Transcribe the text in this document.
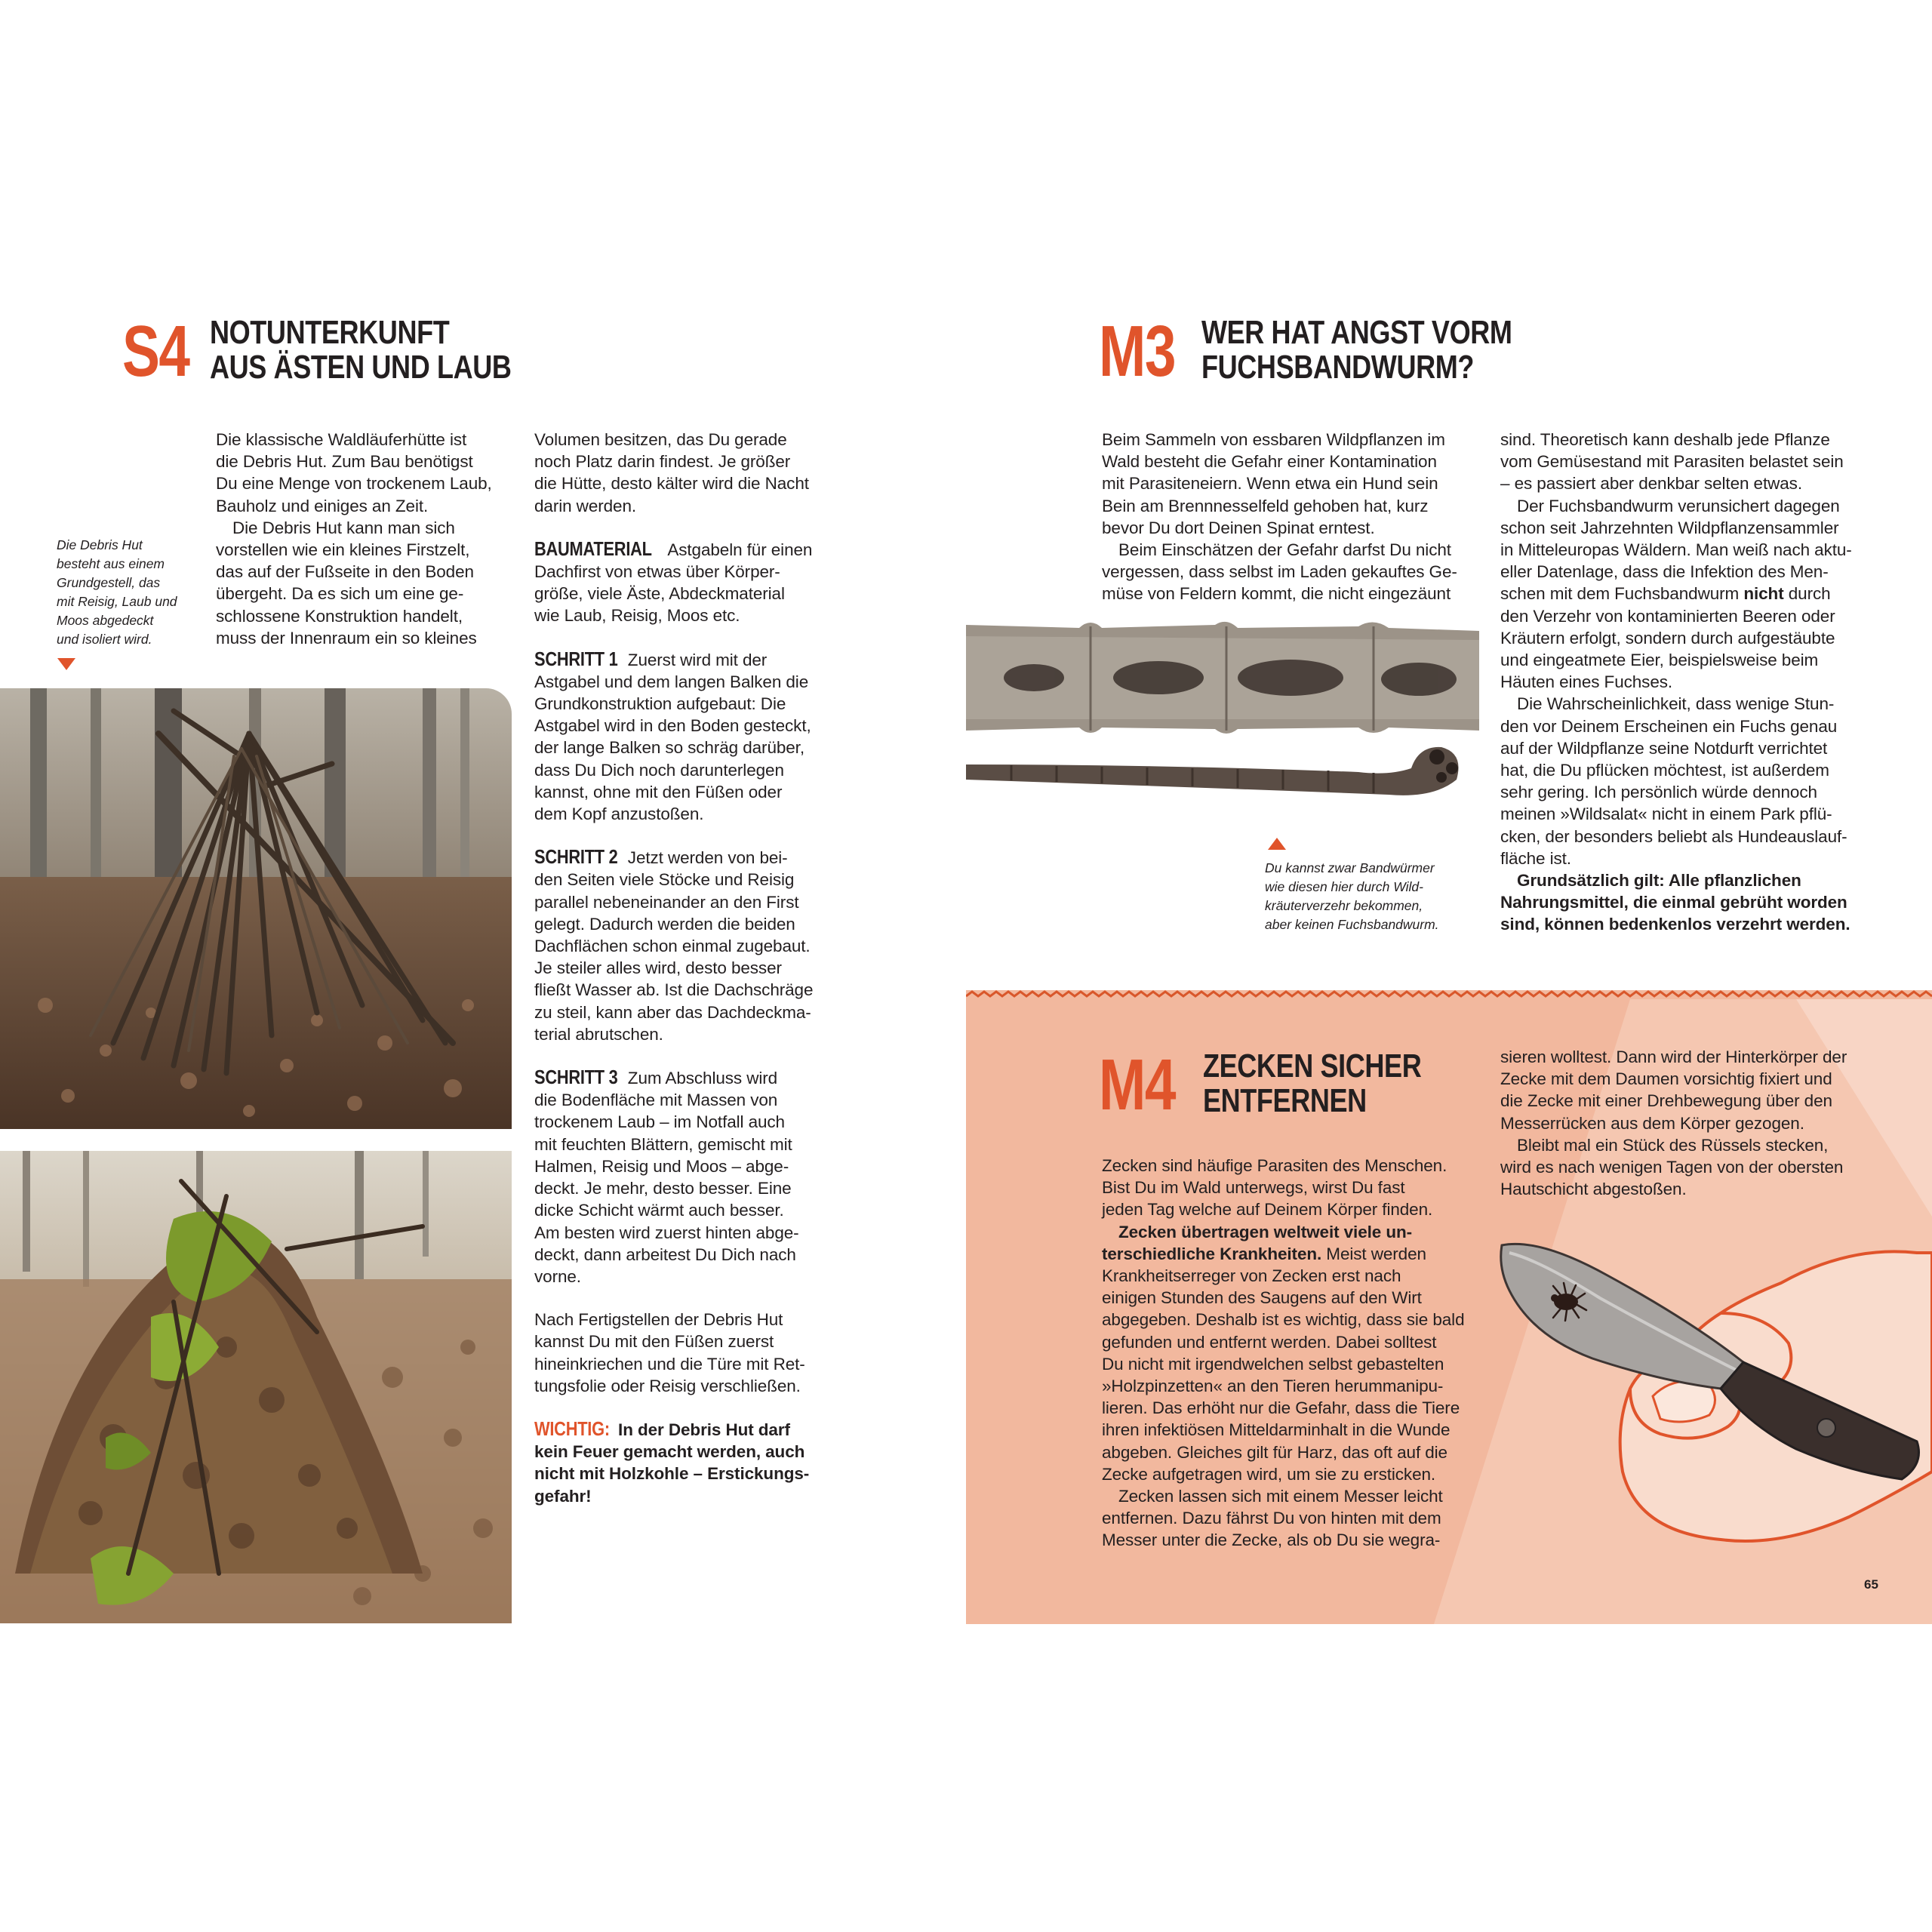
S4 NOTUNTERKUNFT
AUS ÄSTEN UND LAUB
Die Debris Hut
besteht aus einem
Grundgestell, das
mit Reisig, Laub und
Moos abgedeckt
und isoliert wird.

Die klassische Waldläuferhütte ist

die Debris Hut. Zum Bau benötigst

Du eine Menge von trockenem Laub,

Bauholz und einiges an Zeit.

Die Debris Hut kann man sich

vorstellen wie ein kleines Firstzelt,

das auf der Fußseite in den Boden

übergeht. Da es sich um eine ge-

schlossene Konstruktion handelt,

muss der Innenraum ein so kleines

Volumen besitzen, das Du gerade

noch Platz darin findest. Je größer

die Hütte, desto kälter wird die Nacht

darin werden.

BAUMATERIAL Astgabeln für einen

Dachfirst von etwas über Körper-

größe, viele Äste, Abdeckmaterial

wie Laub, Reisig, Moos etc.

SCHRITT 1 Zuerst wird mit der

Astgabel und dem langen Balken die

Grundkonstruktion aufgebaut: Die

Astgabel wird in den Boden gesteckt,

der lange Balken so schräg darüber,

dass Du Dich noch darunterlegen

kannst, ohne mit den Füßen oder

dem Kopf anzustoßen.

SCHRITT 2 Jetzt werden von bei-

den Seiten viele Stöcke und Reisig

parallel nebeneinander an den First

gelegt. Dadurch werden die beiden

Dachflächen schon einmal zugebaut.

Je steiler alles wird, desto besser

fließt Wasser ab. Ist die Dachschräge

zu steil, kann aber das Dachdeckma-

terial abrutschen.

SCHRITT 3 Zum Abschluss wird

die Bodenfläche mit Massen von

trockenem Laub – im Notfall auch

mit feuchten Blättern, gemischt mit

Halmen, Reisig und Moos – abge-

deckt. Je mehr, desto besser. Eine

dicke Schicht wärmt auch besser.

Am besten wird zuerst hinten abge-

deckt, dann arbeitest Du Dich nach

vorne.

Nach Fertigstellen der Debris Hut

kannst Du mit den Füßen zuerst

hineinkriechen und die Türe mit Ret-

tungsfolie oder Reisig verschließen.

WICHTIG: In der Debris Hut darf

kein Feuer gemacht werden, auch

nicht mit Holzkohle – Erstickungs-

gefahr!

M3 WER HAT ANGST VORM
FUCHSBANDWURM?

Beim Sammeln von essbaren Wildpflanzen im

Wald besteht die Gefahr einer Kontamination

mit Parasiteneiern. Wenn etwa ein Hund sein

Bein am Brennnesselfeld gehoben hat, kurz

bevor Du dort Deinen Spinat erntest.

Beim Einschätzen der Gefahr darfst Du nicht

vergessen, dass selbst im Laden gekauftes Ge-

müse von Feldern kommt, die nicht eingezäunt

Du kannst zwar Bandwürmer
wie diesen hier durch Wild-
kräuterverzehr bekommen,
aber keinen Fuchsbandwurm.

sind. Theoretisch kann deshalb jede Pflanze

vom Gemüsestand mit Parasiten belastet sein

– es passiert aber denkbar selten etwas.

Der Fuchsbandwurm verunsichert dagegen

schon seit Jahrzehnten Wildpflanzensammler

in Mitteleuropas Wäldern. Man weiß nach aktu-

eller Datenlage, dass die Infektion des Men-

schen mit dem Fuchsbandwurm nicht durch

den Verzehr von kontaminierten Beeren oder

Kräutern erfolgt, sondern durch aufgestäubte

und eingeatmete Eier, beispielsweise beim

Häuten eines Fuchses.

Die Wahrscheinlichkeit, dass wenige Stun-

den vor Deinem Erscheinen ein Fuchs genau

auf der Wildpflanze seine Notdurft verrichtet

hat, die Du pflücken möchtest, ist außerdem

sehr gering. Ich persönlich würde dennoch

meinen »Wildsalat« nicht in einem Park pflü-

cken, der besonders beliebt als Hundeauslauf-

fläche ist.

Grundsätzlich gilt: Alle pflanzlichen

Nahrungsmittel, die einmal gebrüht worden

sind, können bedenkenlos verzehrt werden.

M4 ZECKEN SICHER
ENTFERNEN

Zecken sind häufige Parasiten des Menschen.

Bist Du im Wald unterwegs, wirst Du fast

jeden Tag welche auf Deinem Körper finden.

Zecken übertragen weltweit viele un-

terschiedliche Krankheiten. Meist werden

Krankheitserreger von Zecken erst nach

einigen Stunden des Saugens auf den Wirt

abgegeben. Deshalb ist es wichtig, dass sie bald

gefunden und entfernt werden. Dabei solltest

Du nicht mit irgendwelchen selbst gebastelten

»Holzpinzetten« an den Tieren herummanipu-

lieren. Das erhöht nur die Gefahr, dass die Tiere

ihren infektiösen Mitteldarminhalt in die Wunde

abgeben. Gleiches gilt für Harz, das oft auf die

Zecke aufgetragen wird, um sie zu ersticken.

Zecken lassen sich mit einem Messer leicht

entfernen. Dazu fährst Du von hinten mit dem

Messer unter die Zecke, als ob Du sie wegra-

sieren wolltest. Dann wird der Hinterkörper der

Zecke mit dem Daumen vorsichtig fixiert und

die Zecke mit einer Drehbewegung über den

Messerrücken aus dem Körper gezogen.

Bleibt mal ein Stück des Rüssels stecken,

wird es nach wenigen Tagen von der obersten

Hautschicht abgestoßen.

65
